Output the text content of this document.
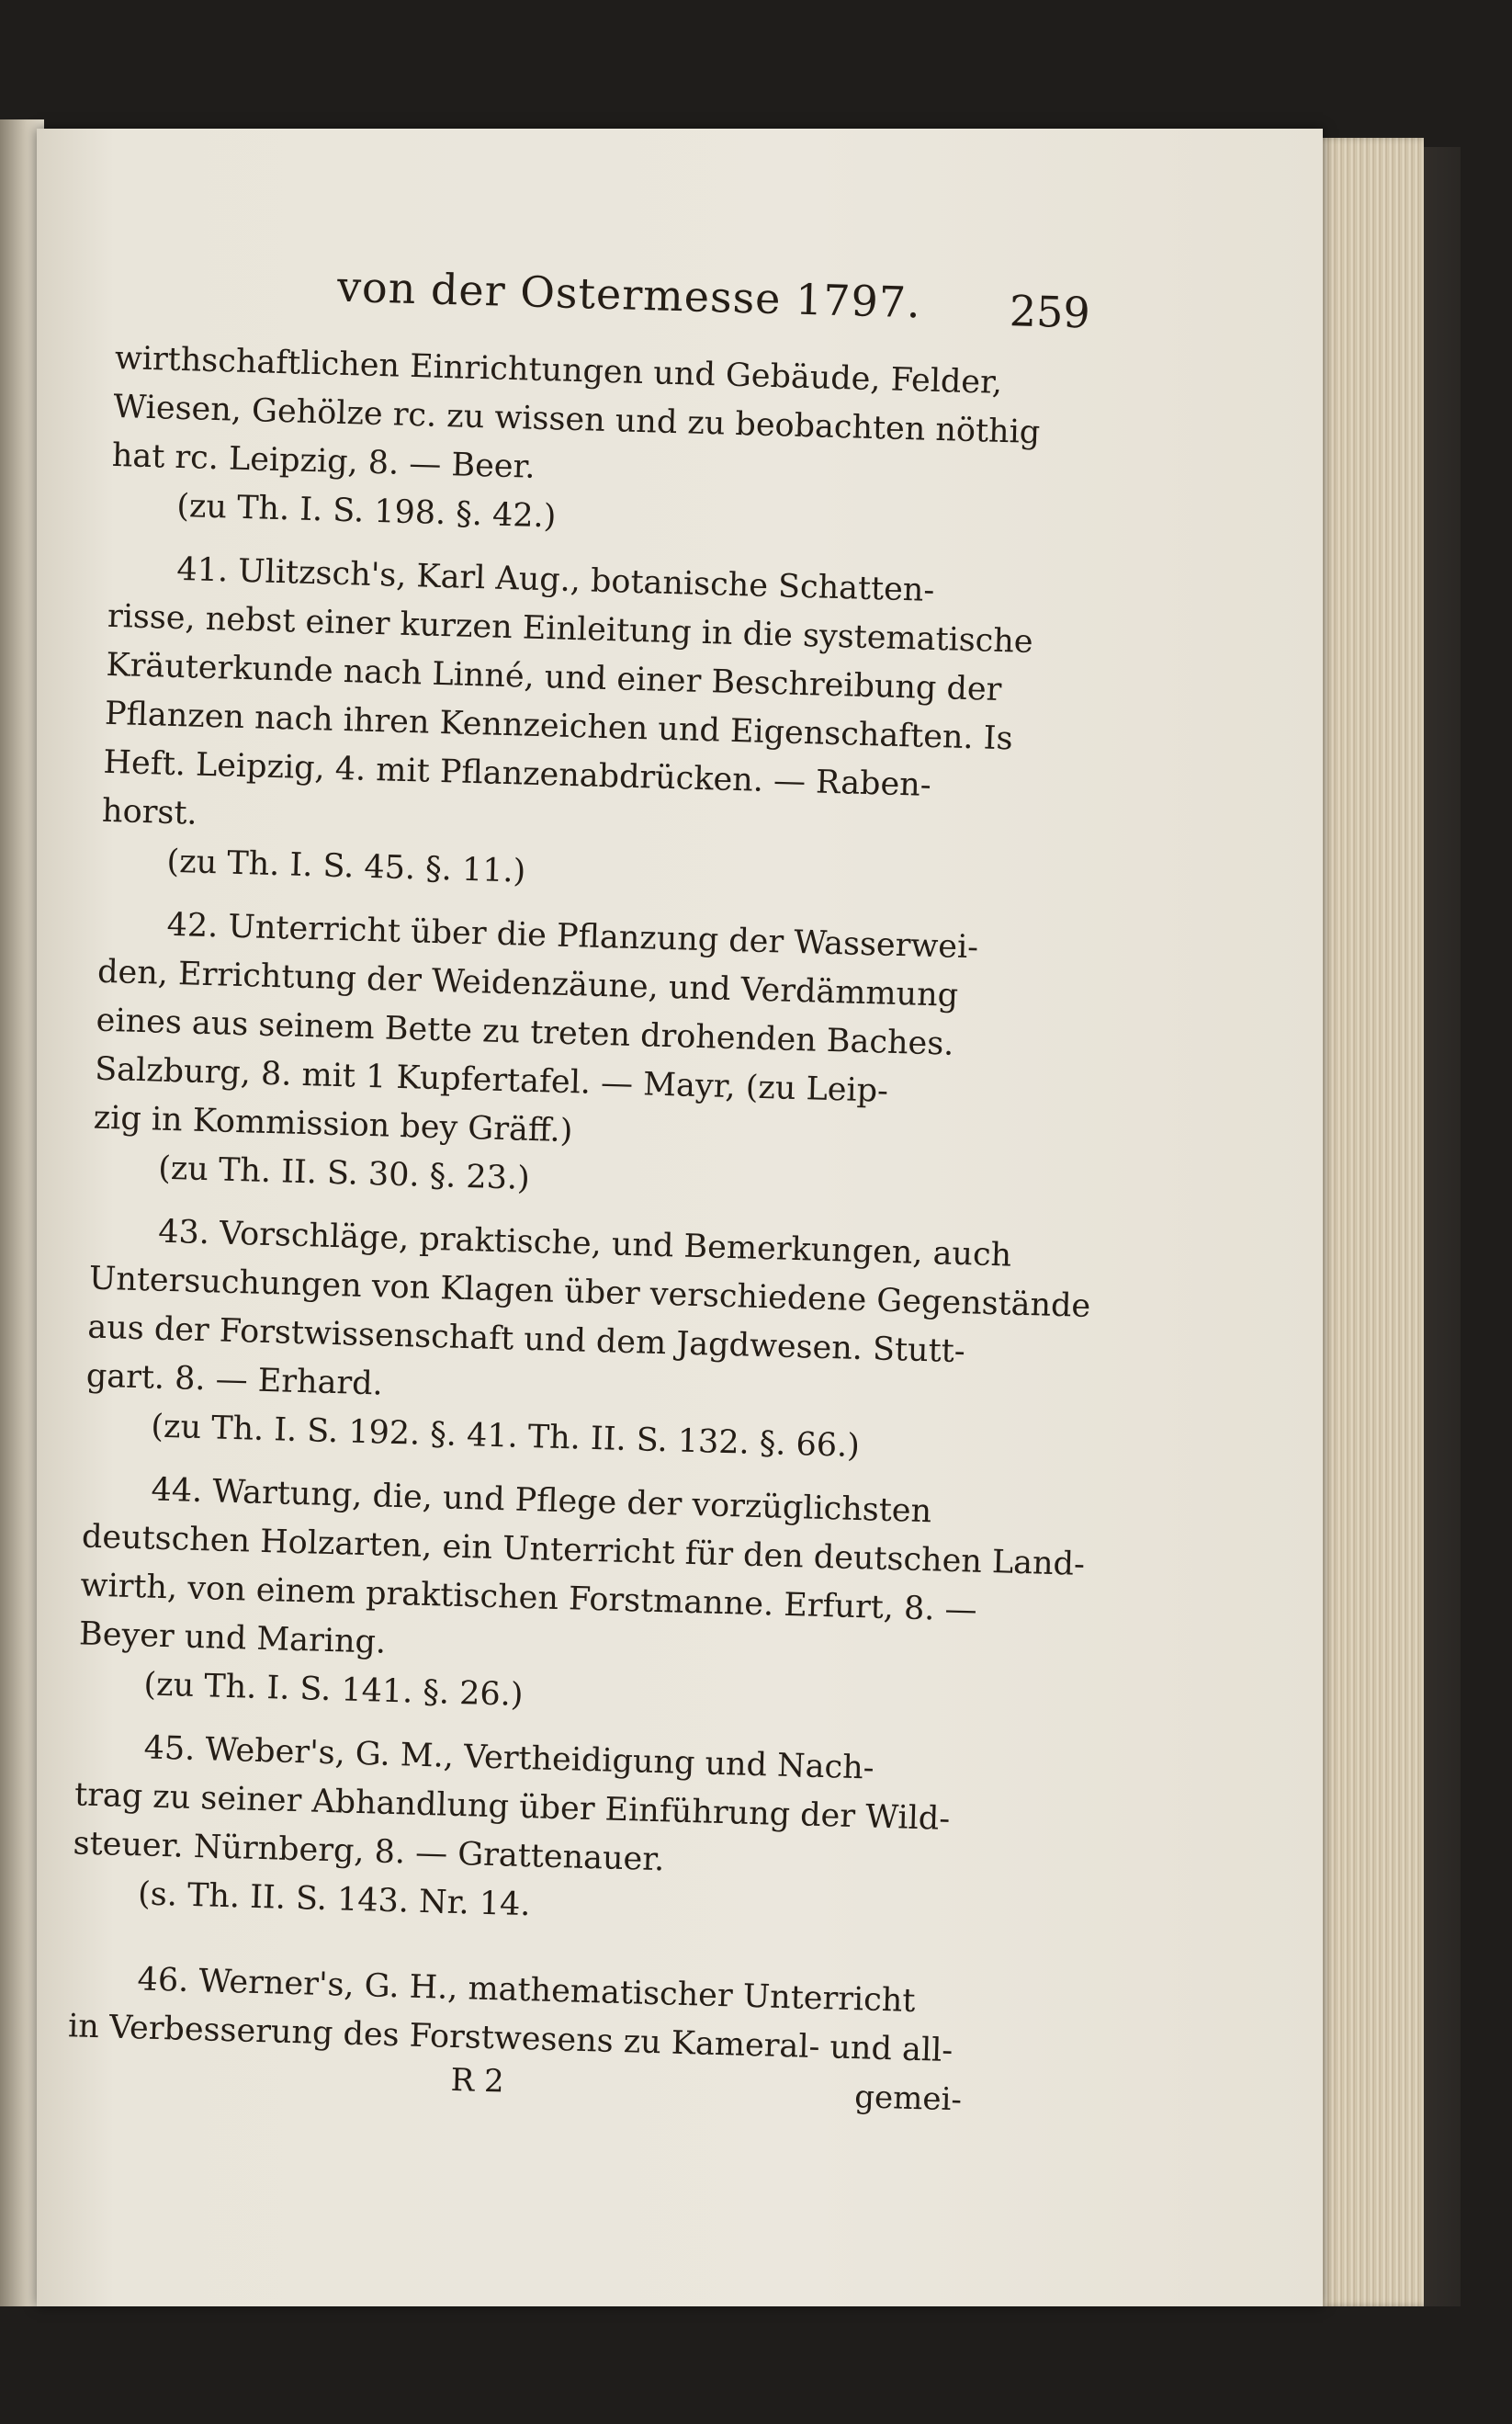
von der Ostermesse 1797. 259

wirthschaftlichen Einrichtungen und Gebäude, Felder,

Wiesen, Gehölze rc. zu wissen und zu beobachten nöthig

hat rc. Leipzig, 8. — Beer.

(zu Th. I. S. 198. §. 42.)

41. Ulitzsch's, Karl Aug., botanische Schatten-

risse, nebst einer kurzen Einleitung in die systematische

Kräuterkunde nach Linné, und einer Beschreibung der

Pflanzen nach ihren Kennzeichen und Eigenschaften. Is

Heft. Leipzig, 4. mit Pflanzenabdrücken. — Raben-

horst.

(zu Th. I. S. 45. §. 11.)

42. Unterricht über die Pflanzung der Wasserwei-

den, Errichtung der Weidenzäune, und Verdämmung

eines aus seinem Bette zu treten drohenden Baches.

Salzburg, 8. mit 1 Kupfertafel. — Mayr, (zu Leip-

zig in Kommission bey Gräff.)

(zu Th. II. S. 30. §. 23.)

43. Vorschläge, praktische, und Bemerkungen, auch

Untersuchungen von Klagen über verschiedene Gegenstände

aus der Forstwissenschaft und dem Jagdwesen. Stutt-

gart. 8. — Erhard.

(zu Th. I. S. 192. §. 41. Th. II. S. 132. §. 66.)

44. Wartung, die, und Pflege der vorzüglichsten

deutschen Holzarten, ein Unterricht für den deutschen Land-

wirth, von einem praktischen Forstmanne. Erfurt, 8. —

Beyer und Maring.

(zu Th. I. S. 141. §. 26.)

45. Weber's, G. M., Vertheidigung und Nach-

trag zu seiner Abhandlung über Einführung der Wild-

steuer. Nürnberg, 8. — Grattenauer.

(s. Th. II. S. 143. Nr. 14.

46. Werner's, G. H., mathematischer Unterricht

in Verbesserung des Forstwesens zu Kameral- und all-

R 2	gemei-
